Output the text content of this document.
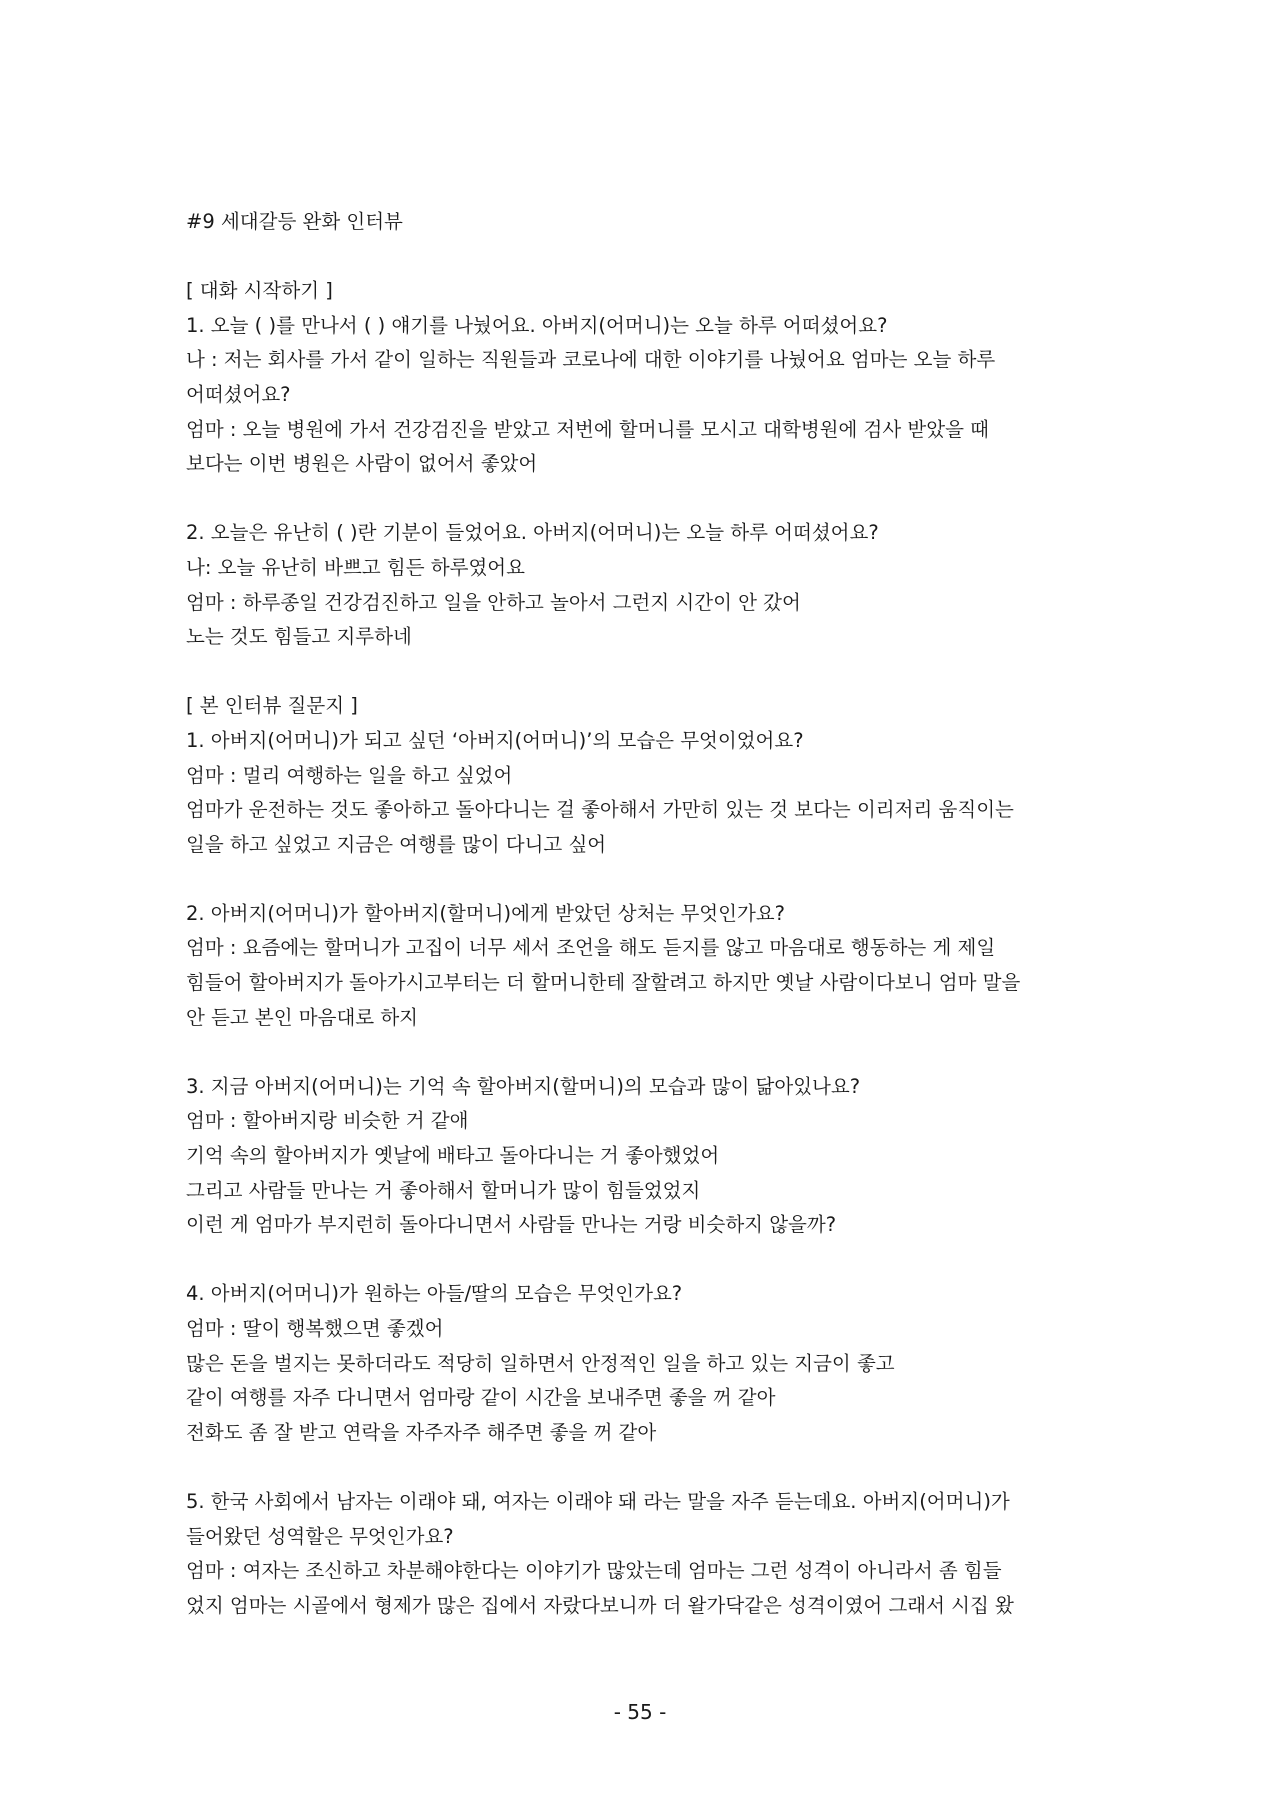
#9 세대갈등 완화 인터뷰
[ 대화 시작하기 ]
1. 오늘 ( )를 만나서 ( ) 얘기를 나눴어요. 아버지(어머니)는 오늘 하루 어떠셨어요?
나 : 저는 회사를 가서 같이 일하는 직원들과 코로나에 대한 이야기를 나눴어요 엄마는 오늘 하루
어떠셨어요?
엄마 : 오늘 병원에 가서 건강검진을 받았고 저번에 할머니를 모시고 대학병원에 검사 받았을 때
보다는 이번 병원은 사람이 없어서 좋았어
2. 오늘은 유난히 ( )란 기분이 들었어요. 아버지(어머니)는 오늘 하루 어떠셨어요?
나: 오늘 유난히 바쁘고 힘든 하루였어요
엄마 : 하루종일 건강검진하고 일을 안하고 놀아서 그런지 시간이 안 갔어
노는 것도 힘들고 지루하네
[ 본 인터뷰 질문지 ]
1. 아버지(어머니)가 되고 싶던 ‘아버지(어머니)’의 모습은 무엇이었어요?
엄마 : 멀리 여행하는 일을 하고 싶었어
엄마가 운전하는 것도 좋아하고 돌아다니는 걸 좋아해서 가만히 있는 것 보다는 이리저리 움직이는
일을 하고 싶었고 지금은 여행를 많이 다니고 싶어
2. 아버지(어머니)가 할아버지(할머니)에게 받았던 상처는 무엇인가요?
엄마 : 요즘에는 할머니가 고집이 너무 세서 조언을 해도 듣지를 않고 마음대로 행동하는 게 제일
힘들어 할아버지가 돌아가시고부터는 더 할머니한테 잘할려고 하지만 옛날 사람이다보니 엄마 말을
안 듣고 본인 마음대로 하지
3. 지금 아버지(어머니)는 기억 속 할아버지(할머니)의 모습과 많이 닮아있나요?
엄마 : 할아버지랑 비슷한 거 같애
기억 속의 할아버지가 옛날에 배타고 돌아다니는 거 좋아했었어
그리고 사람들 만나는 거 좋아해서 할머니가 많이 힘들었었지
이런 게 엄마가 부지런히 돌아다니면서 사람들 만나는 거랑 비슷하지 않을까?
4. 아버지(어머니)가 원하는 아들/딸의 모습은 무엇인가요?
엄마 : 딸이 행복했으면 좋겠어
많은 돈을 벌지는 못하더라도 적당히 일하면서 안정적인 일을 하고 있는 지금이 좋고
같이 여행를 자주 다니면서 엄마랑 같이 시간을 보내주면 좋을 꺼 같아
전화도 좀 잘 받고 연락을 자주자주 해주면 좋을 꺼 같아
5. 한국 사회에서 남자는 이래야 돼, 여자는 이래야 돼 라는 말을 자주 듣는데요. 아버지(어머니)가
들어왔던 성역할은 무엇인가요?
엄마 : 여자는 조신하고 차분해야한다는 이야기가 많았는데 엄마는 그런 성격이 아니라서 좀 힘들
었지 엄마는 시골에서 형제가 많은 집에서 자랐다보니까 더 왈가닥같은 성격이였어 그래서 시집 왔
- 55 -
